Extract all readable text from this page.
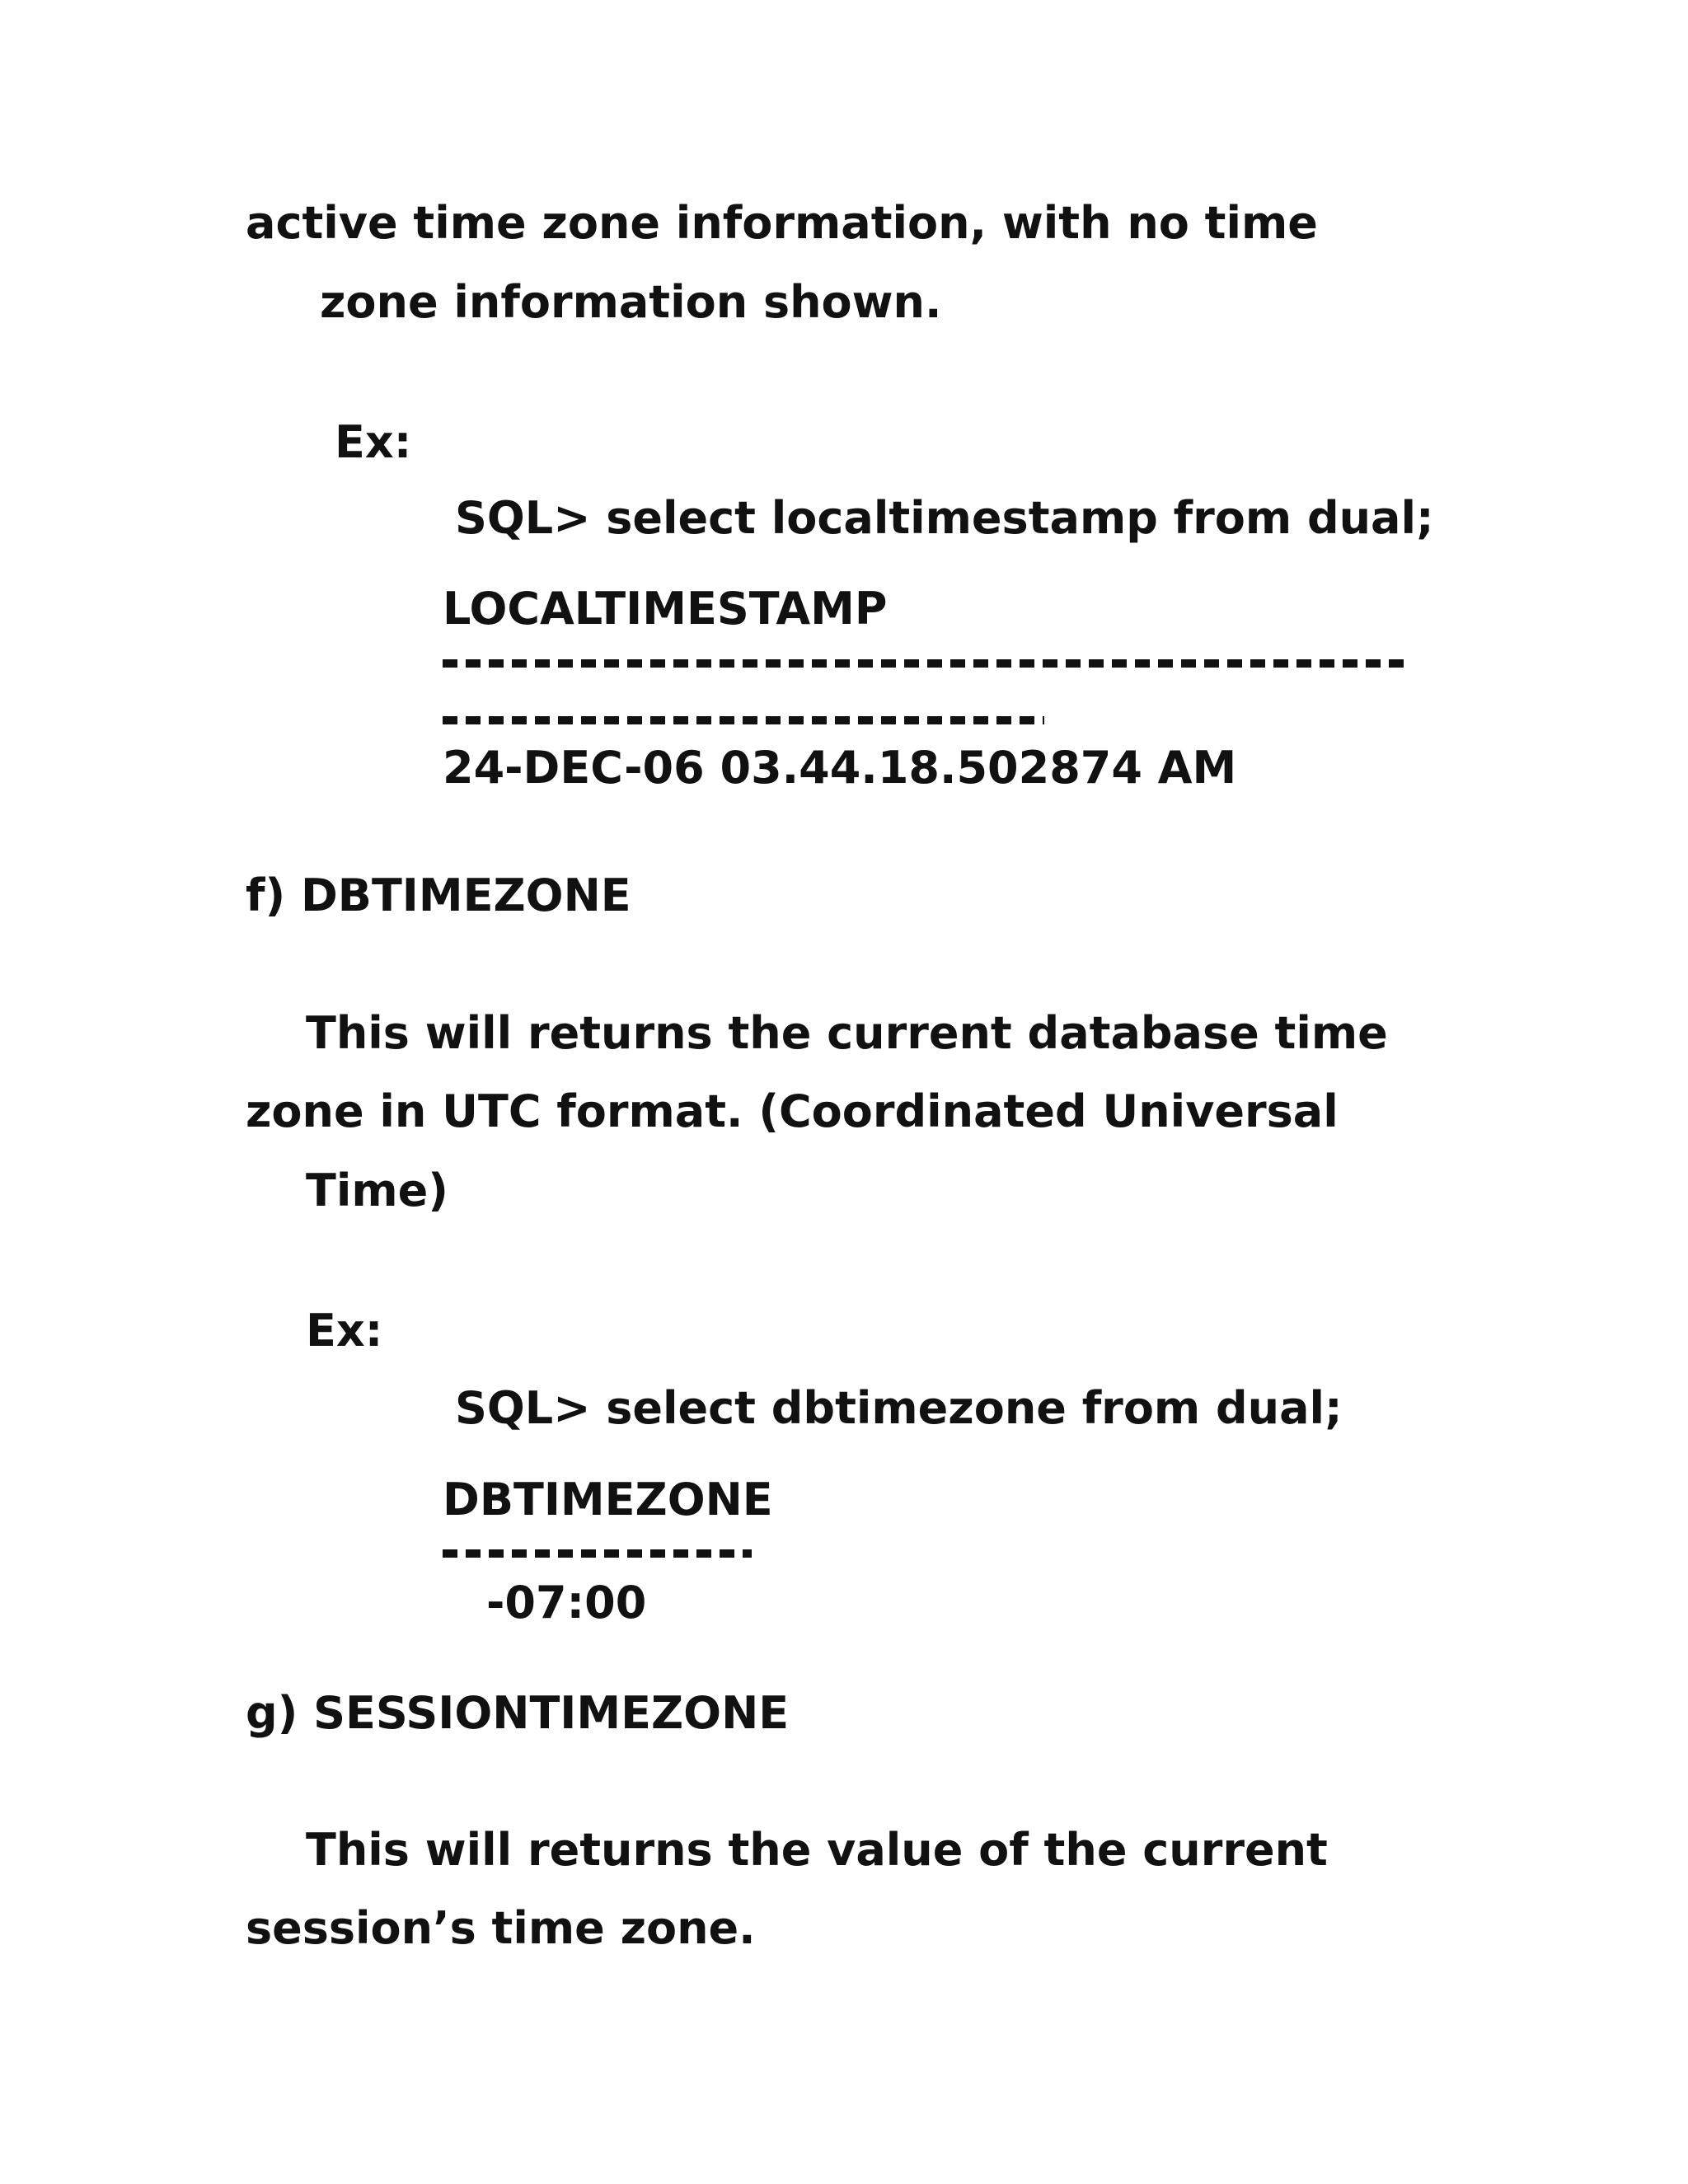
active time zone information, with no time
zone information shown.
Ex:
SQL> select localtimestamp from dual;
LOCALTIMESTAMP
24-DEC-06 03.44.18.502874 AM
f) DBTIMEZONE
This will returns the current database time
zone in UTC format. (Coordinated Universal
Time)
Ex:
SQL> select dbtimezone from dual;
DBTIMEZONE
-07:00
g) SESSIONTIMEZONE
This will returns the value of the current
session’s time zone.
